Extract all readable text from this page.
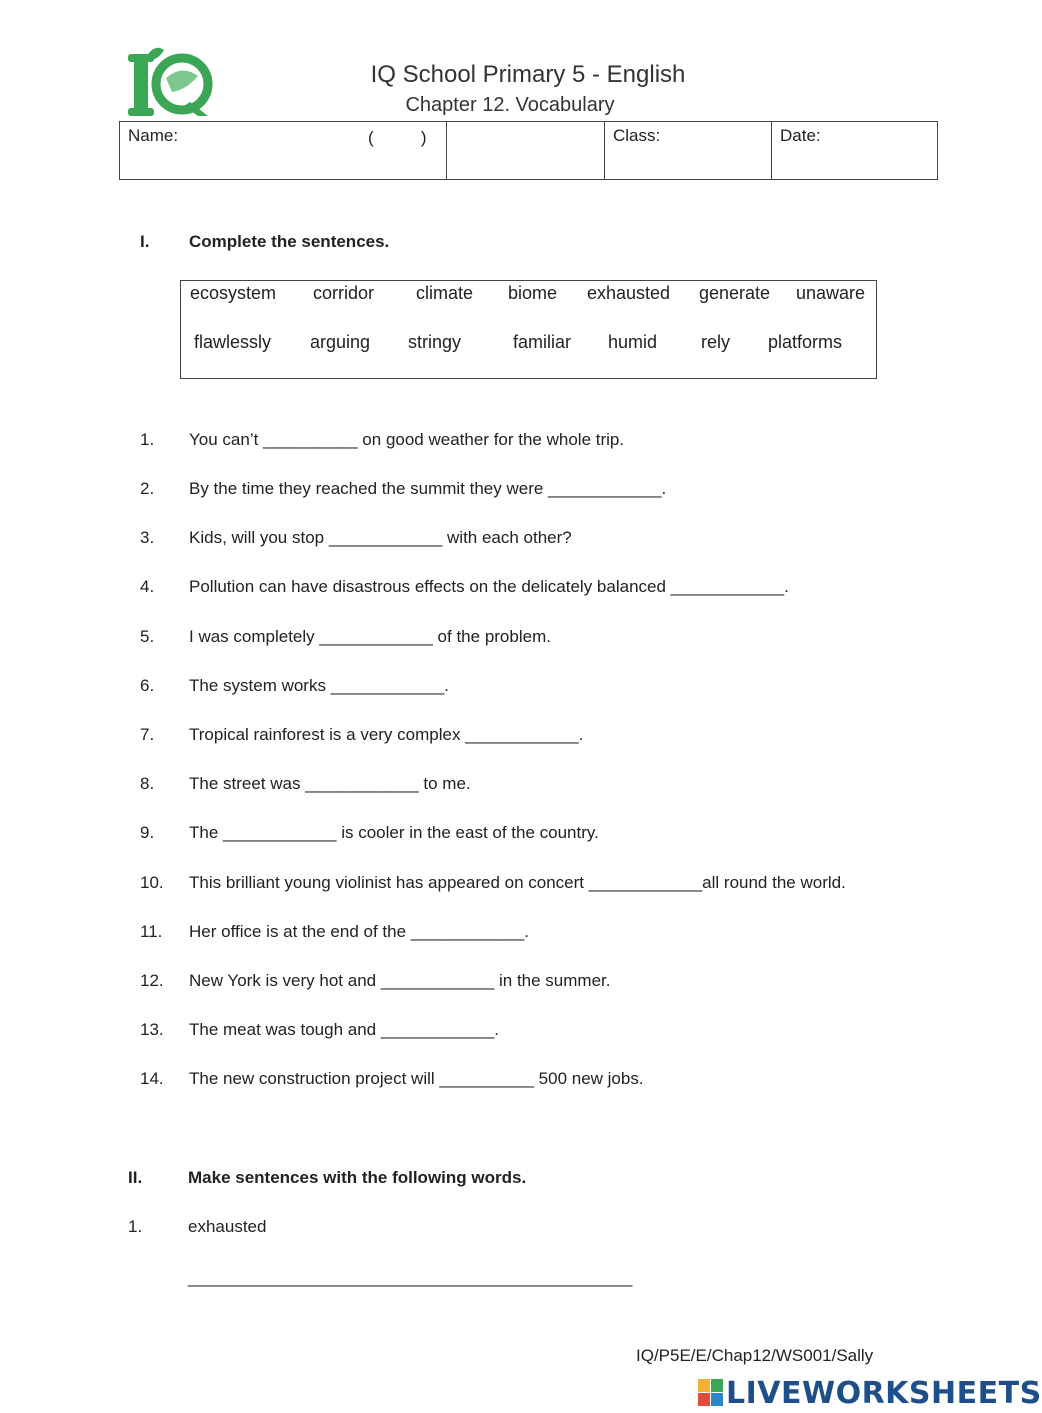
IQ School Primary 5 - English
Chapter 12. Vocabulary
Name:	(          )	Class:	Date:
I. Complete the sentences.
ecosystem corridor climate biome exhausted generate unaware
flawlessly arguing stringy	familiar humid rely platforms
1. You can’t __________ on good weather for the whole trip.
2. By the time they reached the summit they were ____________.
3. Kids, will you stop ____________ with each other?
4. Pollution can have disastrous effects on the delicately balanced ____________.
5. I was completely ____________ of the problem.
6. The system works ____________.
7. Tropical rainforest is a very complex ____________.
8. The street was ____________ to me.
9. The ____________ is cooler in the east of the country.
10. This brilliant young violinist has appeared on concert ____________all round the world.
11. Her office is at the end of the ____________.
12. New York is very hot and ____________ in the summer.
13. The meat was tough and ____________.
14. The new construction project will __________ 500 new jobs.
II.	Make sentences with the following words.
1.	exhausted
_______________________________________________
IQ/P5E/E/Chap12/WS001/Sally
LIVEWORKSHEETS
